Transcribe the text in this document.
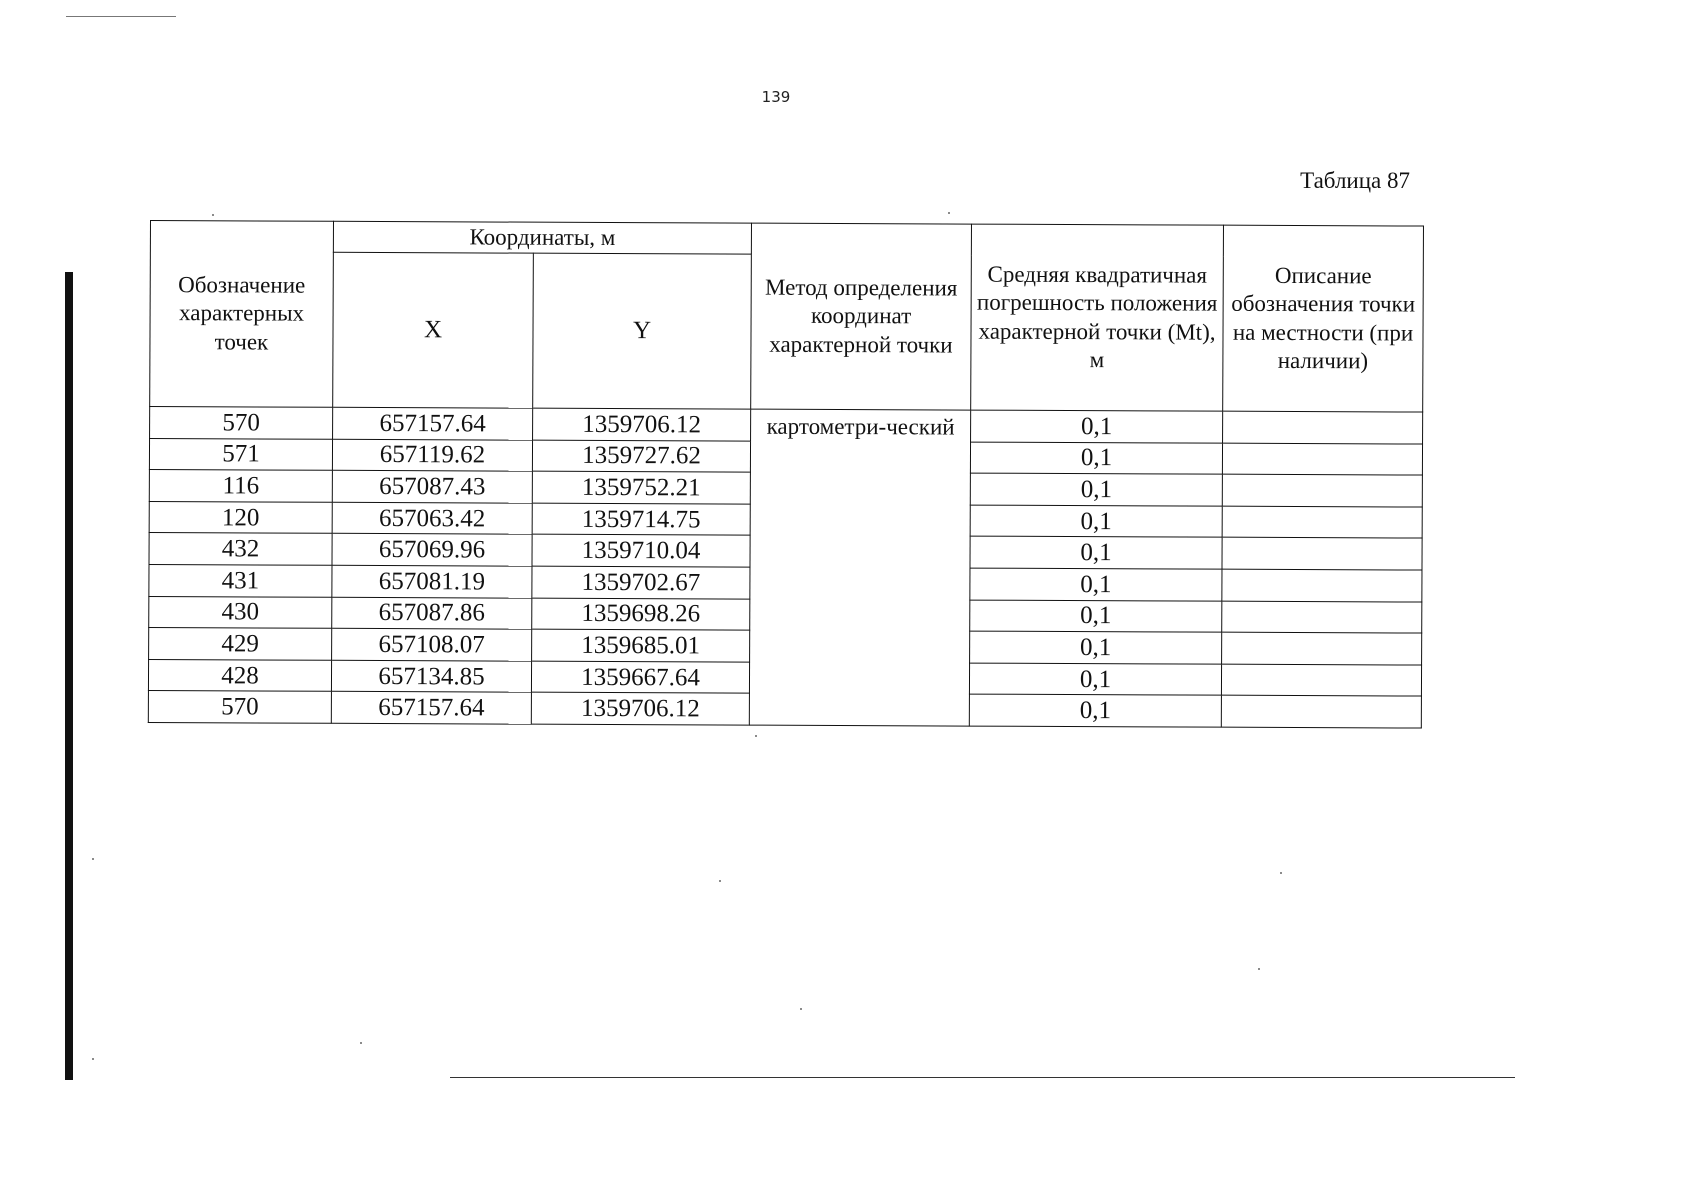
139
Таблица 87
Обозначение характерных точек	Координаты, м		Метод определения координат характерной точки	Средняя квадратичная погрешность положения характерной точки (Mt), м	Описание обозначения точки на местности (при наличии)
	X	Y			
570	657157.64	1359706.12	картометри-ческий	0,1	
571	657119.62	1359727.62		0,1	
116	657087.43	1359752.21		0,1	
120	657063.42	1359714.75		0,1	
432	657069.96	1359710.04		0,1	
431	657081.19	1359702.67		0,1	
430	657087.86	1359698.26		0,1	
429	657108.07	1359685.01		0,1	
428	657134.85	1359667.64		0,1	
570	657157.64	1359706.12		0,1	
